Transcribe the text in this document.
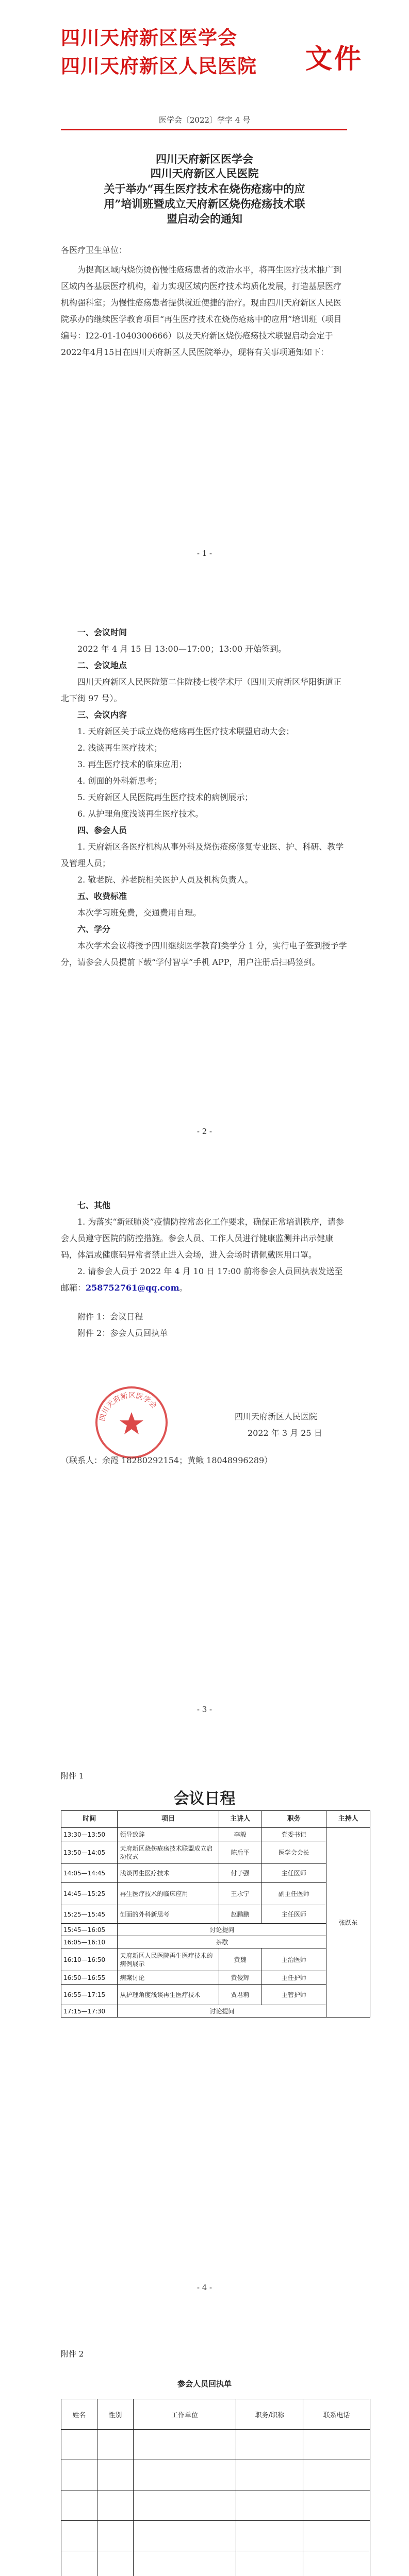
四川天府新区医学会
四川天府新区人民医院	文件
医学会〔2022〕学字 4 号
四川天府新区医学会
四川天府新区人民医院
关于举办“再生医疗技术在烧伤疮疡中的应
用”培训班暨成立天府新区烧伤疮疡技术联
盟启动会的通知
各医疗卫生单位：
为提高区域内烧伤烫伤慢性疮疡患者的救治水平，将再生医疗技术推广到区域内各基层医疗机构，着力实现区域内医疗技术均质化发展，打造基层医疗机构强科室；为慢性疮疡患者提供就近便捷的治疗。现由四川天府新区人民医院承办的继续医学教育项目“再生医疗技术在烧伤疮疡中的应用”培训班（项目编号：Ⅰ22-01-1040300666）以及天府新区烧伤疮疡技术联盟启动会定于2022年4月15日在四川天府新区人民医院举办，现将有关事项通知如下：
- 1 -
一、会议时间
2022 年 4 月 15 日 13:00—17:00；13:00 开始签到。
二、会议地点
四川天府新区人民医院第二住院楼七楼学术厅（四川天府新区华阳街道正北下街 97 号）。
三、会议内容
1. 天府新区关于成立烧伤疮疡再生医疗技术联盟启动大会；
2. 浅谈再生医疗技术；
3. 再生医疗技术的临床应用；
4. 创面的外科新思考；
5. 天府新区人民医院再生医疗技术的病例展示；
6. 从护理角度浅谈再生医疗技术。
四、参会人员
1. 天府新区各医疗机构从事外科及烧伤疮疡修复专业医、护、科研、教学及管理人员；
2. 敬老院、养老院相关医护人员及机构负责人。
五、收费标准
本次学习班免费，交通费用自理。
六、学分
本次学术会议将授予四川继续医学教育Ⅰ类学分 1 分，实行电子签到授予学分，请参会人员提前下载“学付智享”手机 APP，用户注册后扫码签到。
- 2 -
七、其他
1. 为落实“新冠肺炎”疫情防控常态化工作要求，确保正常培训秩序，请参会人员遵守医院的防控措施。参会人员、工作人员进行健康监测并出示健康码，体温或健康码异常者禁止进入会场，进入会场时请佩戴医用口罩。
2. 请参会人员于 2022 年 4 月 10 日 17:00 前将参会人员回执表发送至邮箱：258752761@qq.com。
附件 1：会议日程
附件 2：参会人员回执单
四川天府新区医学会
四川天府新区人民医院
2022 年 3 月 25 日
（联系人：余霞 18280292154；黄鳅 18048996289）
- 3 -
附件 1
会议日程
时间	项目	主讲人	职务	主持人
13:30—13:50	领导致辞	李毅	党委书记	张跃东
13:50—14:05	天府新区烧伤疮疡技术联盟成立启动仪式	陈后平	医学会会长	
14:05—14:45	浅谈再生医疗技术	付子强	主任医师	
14:45—15:25	再生医疗技术的临床应用	王永宁	副主任医师	
15:25—15:45	创面的外科新思考	赵鹏鹏	主任医师	
15:45—16:05	讨论提问			
16:05—16:10	茶歇			
16:10—16:50	天府新区人民医院再生医疗技术的病例展示	黄魏	主治医师	
16:50—16:55	病案讨论	黄俊辉	主任护师	
16:55—17:15	从护理角度浅谈再生医疗技术	贾君莉	主管护师	
17:15—17:30	讨论提问			
- 4 -
附件 2
参会人员回执单
姓名	性别	工作单位	职务/职称	联系电话
